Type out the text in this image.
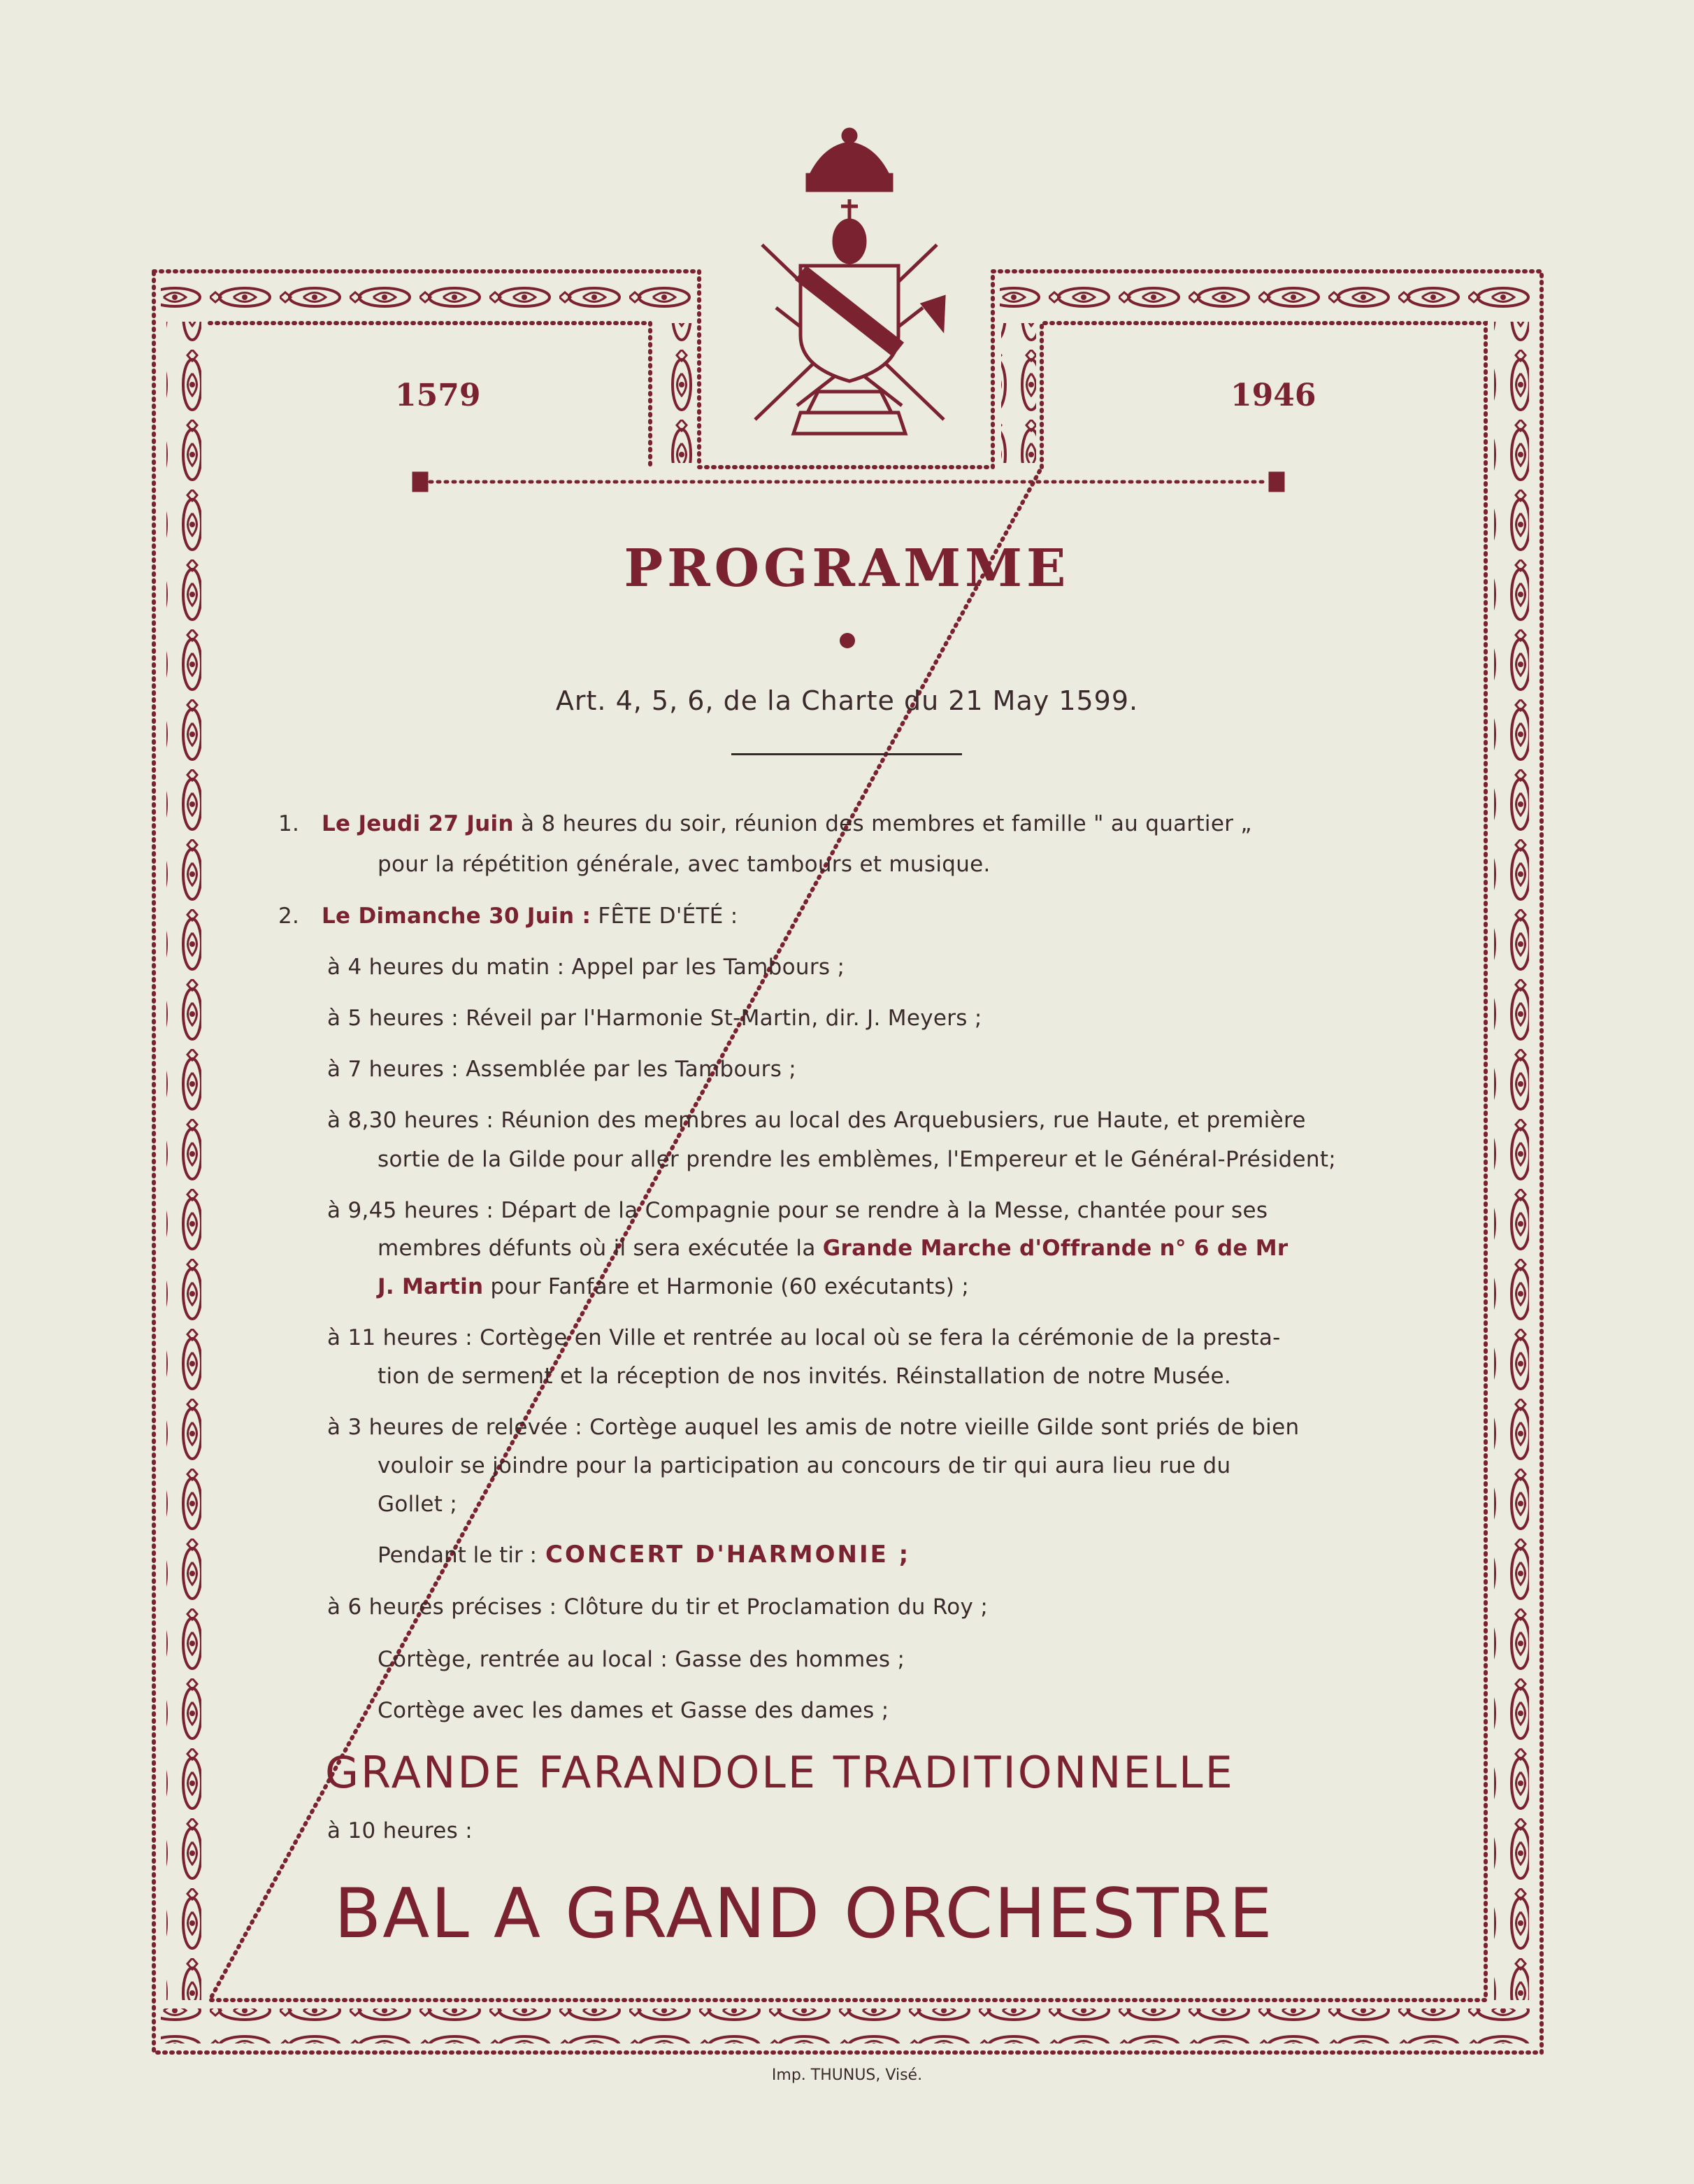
1579	1946
PROGRAMME
Art. 4, 5, 6, de la Charte du 21 May 1599.
1. Le Jeudi 27 Juin à 8 heures du soir, réunion des membres et famille " au quartier „
pour la répétition générale, avec tambours et musique.
2. Le Dimanche 30 Juin : FÊTE D'ÉTÉ :
à 4 heures du matin : Appel par les Tambours ;
à 5 heures : Réveil par l'Harmonie St-Martin, dir. J. Meyers ;
à 7 heures : Assemblée par les Tambours ;
à 8,30 heures : Réunion des membres au local des Arquebusiers, rue Haute, et première
sortie de la Gilde pour aller prendre les emblèmes, l'Empereur et le Général-Président;
à 9,45 heures : Départ de la Compagnie pour se rendre à la Messe, chantée pour ses
membres défunts où il sera exécutée la Grande Marche d'Offrande n° 6 de Mr
J. Martin pour Fanfare et Harmonie (60 exécutants) ;
à 11 heures : Cortège en Ville et rentrée au local où se fera la cérémonie de la presta-
tion de serment et la réception de nos invités. Réinstallation de notre Musée.
à 3 heures de relevée : Cortège auquel les amis de notre vieille Gilde sont priés de bien
vouloir se joindre pour la participation au concours de tir qui aura lieu rue du
Gollet ;
Pendant le tir : CONCERT D'HARMONIE ;
à 6 heures précises : Clôture du tir et Proclamation du Roy ;
Cortège, rentrée au local : Gasse des hommes ;
Cortège avec les dames et Gasse des dames ;
GRANDE FARANDOLE TRADITIONNELLE
à 10 heures :
BAL A GRAND ORCHESTRE
Imp. THUNUS, Visé.
